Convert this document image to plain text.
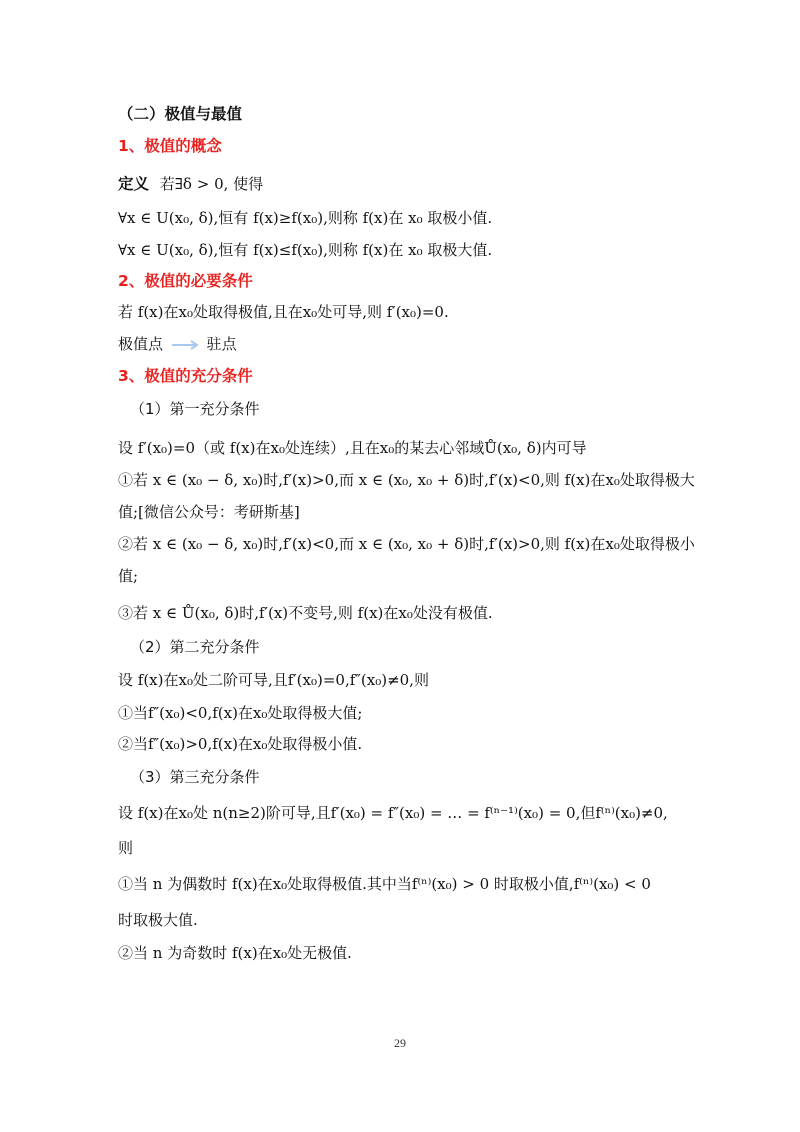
（二）极值与最值
1、极值的概念
定义 若∃δ > 0, 使得
∀x ∈ U(x₀, δ),恒有 f(x)≥f(x₀),则称 f(x)在 x₀ 取极小值.
∀x ∈ U(x₀, δ),恒有 f(x)≤f(x₀),则称 f(x)在 x₀ 取极大值.
2、极值的必要条件
若 f(x)在x₀处取得极值,且在x₀处可导,则 f′(x₀)=0.
极值点	驻点
3、极值的充分条件
（1）第一充分条件
设 f′(x₀)=0（或 f(x)在x₀处连续）,且在x₀的某去心邻域Ů(x₀, δ)内可导
①若 x ∈ (x₀ − δ, x₀)时,f′(x)>0,而 x ∈ (x₀, x₀ + δ)时,f′(x)<0,则 f(x)在x₀处取得极大
值;[微信公众号：考研斯基]
②若 x ∈ (x₀ − δ, x₀)时,f′(x)<0,而 x ∈ (x₀, x₀ + δ)时,f′(x)>0,则 f(x)在x₀处取得极小
值;
③若 x ∈ Ů(x₀, δ)时,f′(x)不变号,则 f(x)在x₀处没有极值.
（2）第二充分条件
设 f(x)在x₀处二阶可导,且f′(x₀)=0,f″(x₀)≠0,则
①当f″(x₀)<0,f(x)在x₀处取得极大值;
②当f″(x₀)>0,f(x)在x₀处取得极小值.
（3）第三充分条件
设 f(x)在x₀处 n(n≥2)阶可导,且f′(x₀) = f″(x₀) = … = f⁽ⁿ⁻¹⁾(x₀) = 0,但f⁽ⁿ⁾(x₀)≠0,
则
①当 n 为偶数时 f(x)在x₀处取得极值.其中当f⁽ⁿ⁾(x₀) > 0 时取极小值,f⁽ⁿ⁾(x₀) < 0
时取极大值.
②当 n 为奇数时 f(x)在x₀处无极值.
29
